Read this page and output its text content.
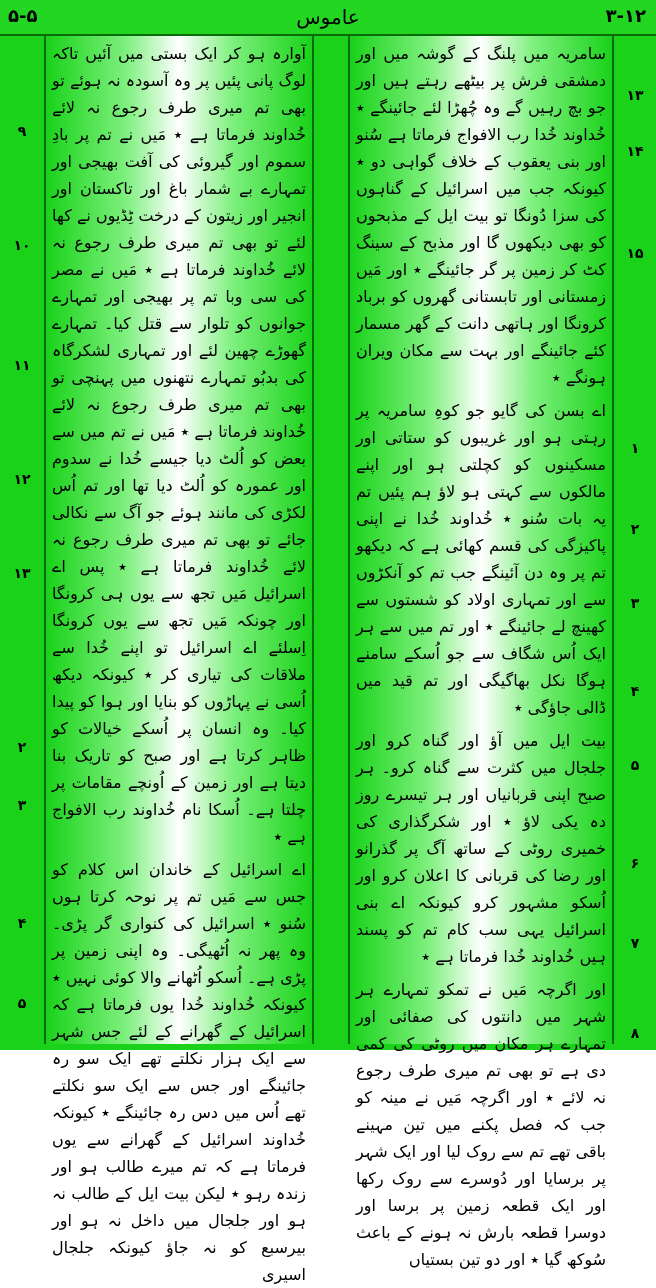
۵-۵	عاموس	۳-۱۲
۱۳
۱۴
۱۵
۱
۲
۳
۴
۵
۶
۷
۸
۹
۱۰
۱۱
۱۲
۱۳
۲
۳
۴
۵

سامریہ میں پلنگ کے گوشہ میں اور دمشقی فرش پر بیٹھے رہتے ہیں اور جو بچ رہیں گے وہ چُھڑا لئے جائینگے ٭ خُداوند خُدا رب الافواج فرماتا ہے سُنو اور بنی یعقوب کے خلاف گواہی دو ٭ کیونکہ جب میں اسرائیل کے گناہوں کی سزا دُونگا تو بیت ایل کے مذبحوں کو بھی دیکھوں گا اور مذبح کے سینگ کٹ کر زمین پر گر جائینگے ٭ اور مَیں زمستانی اور تابستانی گھروں کو برباد کرونگا اور ہاتھی دانت کے گھر مسمار کئے جائینگے اور بہت سے مکان ویران ہونگے ٭

اے بسن کی گایو جو کوہِ سامریہ پر رہتی ہو اور غریبوں کو ستاتی اور مسکینوں کو کچلتی ہو اور اپنے مالکوں سے کہتی ہو لاؤ ہم پئیں تم یہ بات سُنو ٭ خُداوند خُدا نے اپنی پاکیزگی کی قسم کھائی ہے کہ دیکھو تم پر وہ دن آئینگے جب تم کو آنکڑوں سے اور تمہاری اولاد کو شستوں سے کھینچ لے جائینگے ٭ اور تم میں سے ہر ایک اُس شگاف سے جو اُسکے سامنے ہوگا نکل بھاگیگی اور تم قید میں ڈالی جاؤگی ٭

بیت ایل میں آؤ اور گناہ کرو اور جلجال میں کثرت سے گناہ کرو۔ ہر صبح اپنی قربانیاں اور ہر تیسرے روز دہ یکی لاؤ ٭ اور شکرگذاری کی خمیری روٹی کے ساتھ آگ پر گذرانو اور رضا کی قربانی کا اعلان کرو اور اُسکو مشہور کرو کیونکہ اے بنی اسرائیل یہی سب کام تم کو پسند ہیں خُداوند خُدا فرماتا ہے ٭

اور اگرچہ مَیں نے تمکو تمہارے ہر شہر میں دانتوں کی صفائی اور تمہارے ہر مکان میں روٹی کی کمی دی ہے تو بھی تم میری طرف رجوع نہ لائے ٭ اور اگرچہ مَیں نے مینہ کو جب کہ فصل پکنے میں تین مہینے باقی تھے تم سے روک لیا اور ایک شہر پر برسایا اور دُوسرے سے روک رکھا اور ایک قطعہ زمین پر برسا اور دوسرا قطعہ بارش نہ ہونے کے باعث سُوکھ گیا ٭ اور دو تین بستیاں

آوارہ ہو کر ایک بستی میں آئیں تاکہ لوگ پانی پئیں پر وہ آسودہ نہ ہوئے تو بھی تم میری طرف رجوع نہ لائے خُداوند فرماتا ہے ٭ مَیں نے تم پر بادِ سموم اور گیروئی کی آفت بھیجی اور تمہارے بے شمار باغ اور تاکستان اور انجیر اور زیتون کے درخت ٹِڈیوں نے کھا لئے تو بھی تم میری طرف رجوع نہ لائے خُداوند فرماتا ہے ٭ مَیں نے مصر کی سی وبا تم پر بھیجی اور تمہارے جوانوں کو تلوار سے قتل کیا۔ تمہارے گھوڑے چھین لئے اور تمہاری لشکرگاہ کی بدبُو تمہارے نتھنوں میں پہنچی تو بھی تم میری طرف رجوع نہ لائے خُداوند فرماتا ہے ٭ مَیں نے تم میں سے بعض کو اُلٹ دیا جیسے خُدا نے سدوم اور عمورہ کو اُلٹ دیا تھا اور تم اُس لکڑی کی مانند ہوئے جو آگ سے نکالی جائے تو بھی تم میری طرف رجوع نہ لائے خُداوند فرماتا ہے ٭ پس اے اسرائیل مَیں تجھ سے یوں ہی کرونگا اور چونکہ مَیں تجھ سے یوں کرونگا اِسلئے اے اسرائیل تو اپنے خُدا سے ملاقات کی تیاری کر ٭ کیونکہ دیکھ اُسی نے پہاڑوں کو بنایا اور ہوا کو پیدا کیا۔ وہ انسان پر اُسکے خیالات کو ظاہر کرتا ہے اور صبح کو تاریک بنا دیتا ہے اور زمین کے اُونچے مقامات پر چلتا ہے۔ اُسکا نام خُداوند رب الافواج ہے ٭

اے اسرائیل کے خاندان اس کلام کو جس سے مَیں تم پر نوحہ کرتا ہوں سُنو ٭ اسرائیل کی کنواری گر پڑی۔ وہ پھر نہ اُٹھیگی۔ وہ اپنی زمین پر پڑی ہے۔ اُسکو اُٹھانے والا کوئی نہیں ٭ کیونکہ خُداوند خُدا یوں فرماتا ہے کہ اسرائیل کے گھرانے کے لئے جس شہر سے ایک ہزار نکلتے تھے ایک سو رہ جائینگے اور جس سے ایک سو نکلتے تھے اُس میں دس رہ جائینگے ٭ کیونکہ خُداوند اسرائیل کے گھرانے سے یوں فرماتا ہے کہ تم میرے طالب ہو اور زندہ رہو ٭ لیکن بیت ایل کے طالب نہ ہو اور جلجال میں داخل نہ ہو اور بیرسبع کو نہ جاؤ کیونکہ جلجال اسیری
